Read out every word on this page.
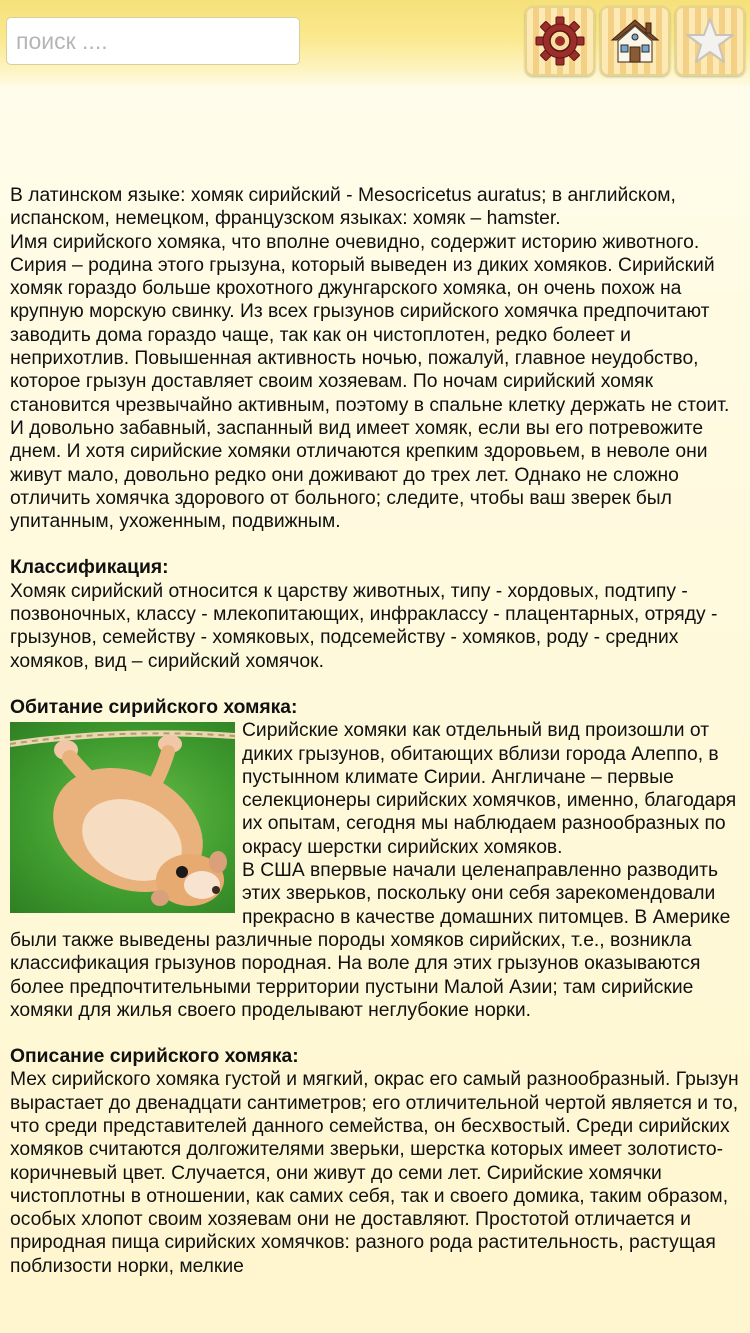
поиск ....

В латинском языке: хомяк сирийский - Mesocricetus auratus; в английском, испанском, немецком, французском языках: хомяк – hamster.

Имя сирийского хомяка, что вполне очевидно, содержит историю животного. Сирия – родина этого грызуна, который выведен из диких хомяков. Сирийский хомяк гораздо больше крохотного джунгарского хомяка, он очень похож на крупную морскую свинку. Из всех грызунов сирийского хомячка предпочитают заводить дома гораздо чаще, так как он чистоплотен, редко болеет и неприхотлив. Повышенная активность ночью, пожалуй, главное неудобство, которое грызун доставляет своим хозяевам. По ночам сирийский хомяк становится чрезвычайно активным, поэтому в спальне клетку держать не стоит. И довольно забавный, заспанный вид имеет хомяк, если вы его потревожите днем. И хотя сирийские хомяки отличаются крепким здоровьем, в неволе они живут мало, довольно редко они доживают до трех лет. Однако не сложно отличить хомячка здорового от больного; следите, чтобы ваш зверек был упитанным, ухоженным, подвижным.

Классификация:

Хомяк сирийский относится к царству животных, типу - хордовых, подтипу - позвоночных, классу - млекопитающих, инфраклассу - плацентарных, отряду - грызунов, семейству - хомяковых, подсемейству - хомяков, роду - средних хомяков, вид – сирийский хомячок.

Обитание сирийского хомяка:

Сирийские хомяки как отдельный вид произошли от диких грызунов, обитающих вблизи города Алеппо, в пустынном климате Сирии. Англичане – первые селекционеры сирийских хомячков, именно, благодаря их опытам, сегодня мы наблюдаем разнообразных по окрасу шерстки сирийских хомяков.

В США впервые начали целенаправленно разводить этих зверьков, поскольку они себя зарекомендовали прекрасно в качестве домашних питомцев. В Америке были также выведены различные породы хомяков сирийских, т.е., возникла классификация грызунов породная. На воле для этих грызунов оказываются более предпочтительными территории пустыни Малой Азии; там сирийские хомяки для жилья своего проделывают неглубокие норки.

Описание сирийского хомяка:

Мех сирийского хомяка густой и мягкий, окрас его самый разнообразный. Грызун вырастает до двенадцати сантиметров; его отличительной чертой является и то, что среди представителей данного семейства, он бесхвостый. Среди сирийских хомяков считаются долгожителями зверьки, шерстка которых имеет золотисто-коричневый цвет. Случается, они живут до семи лет. Сирийские хомячки чистоплотны в отношении, как самих себя, так и своего домика, таким образом, особых хлопот своим хозяевам они не доставляют. Простотой отличается и природная пища сирийских хомячков: разного рода растительность, растущая поблизости норки, мелкие
